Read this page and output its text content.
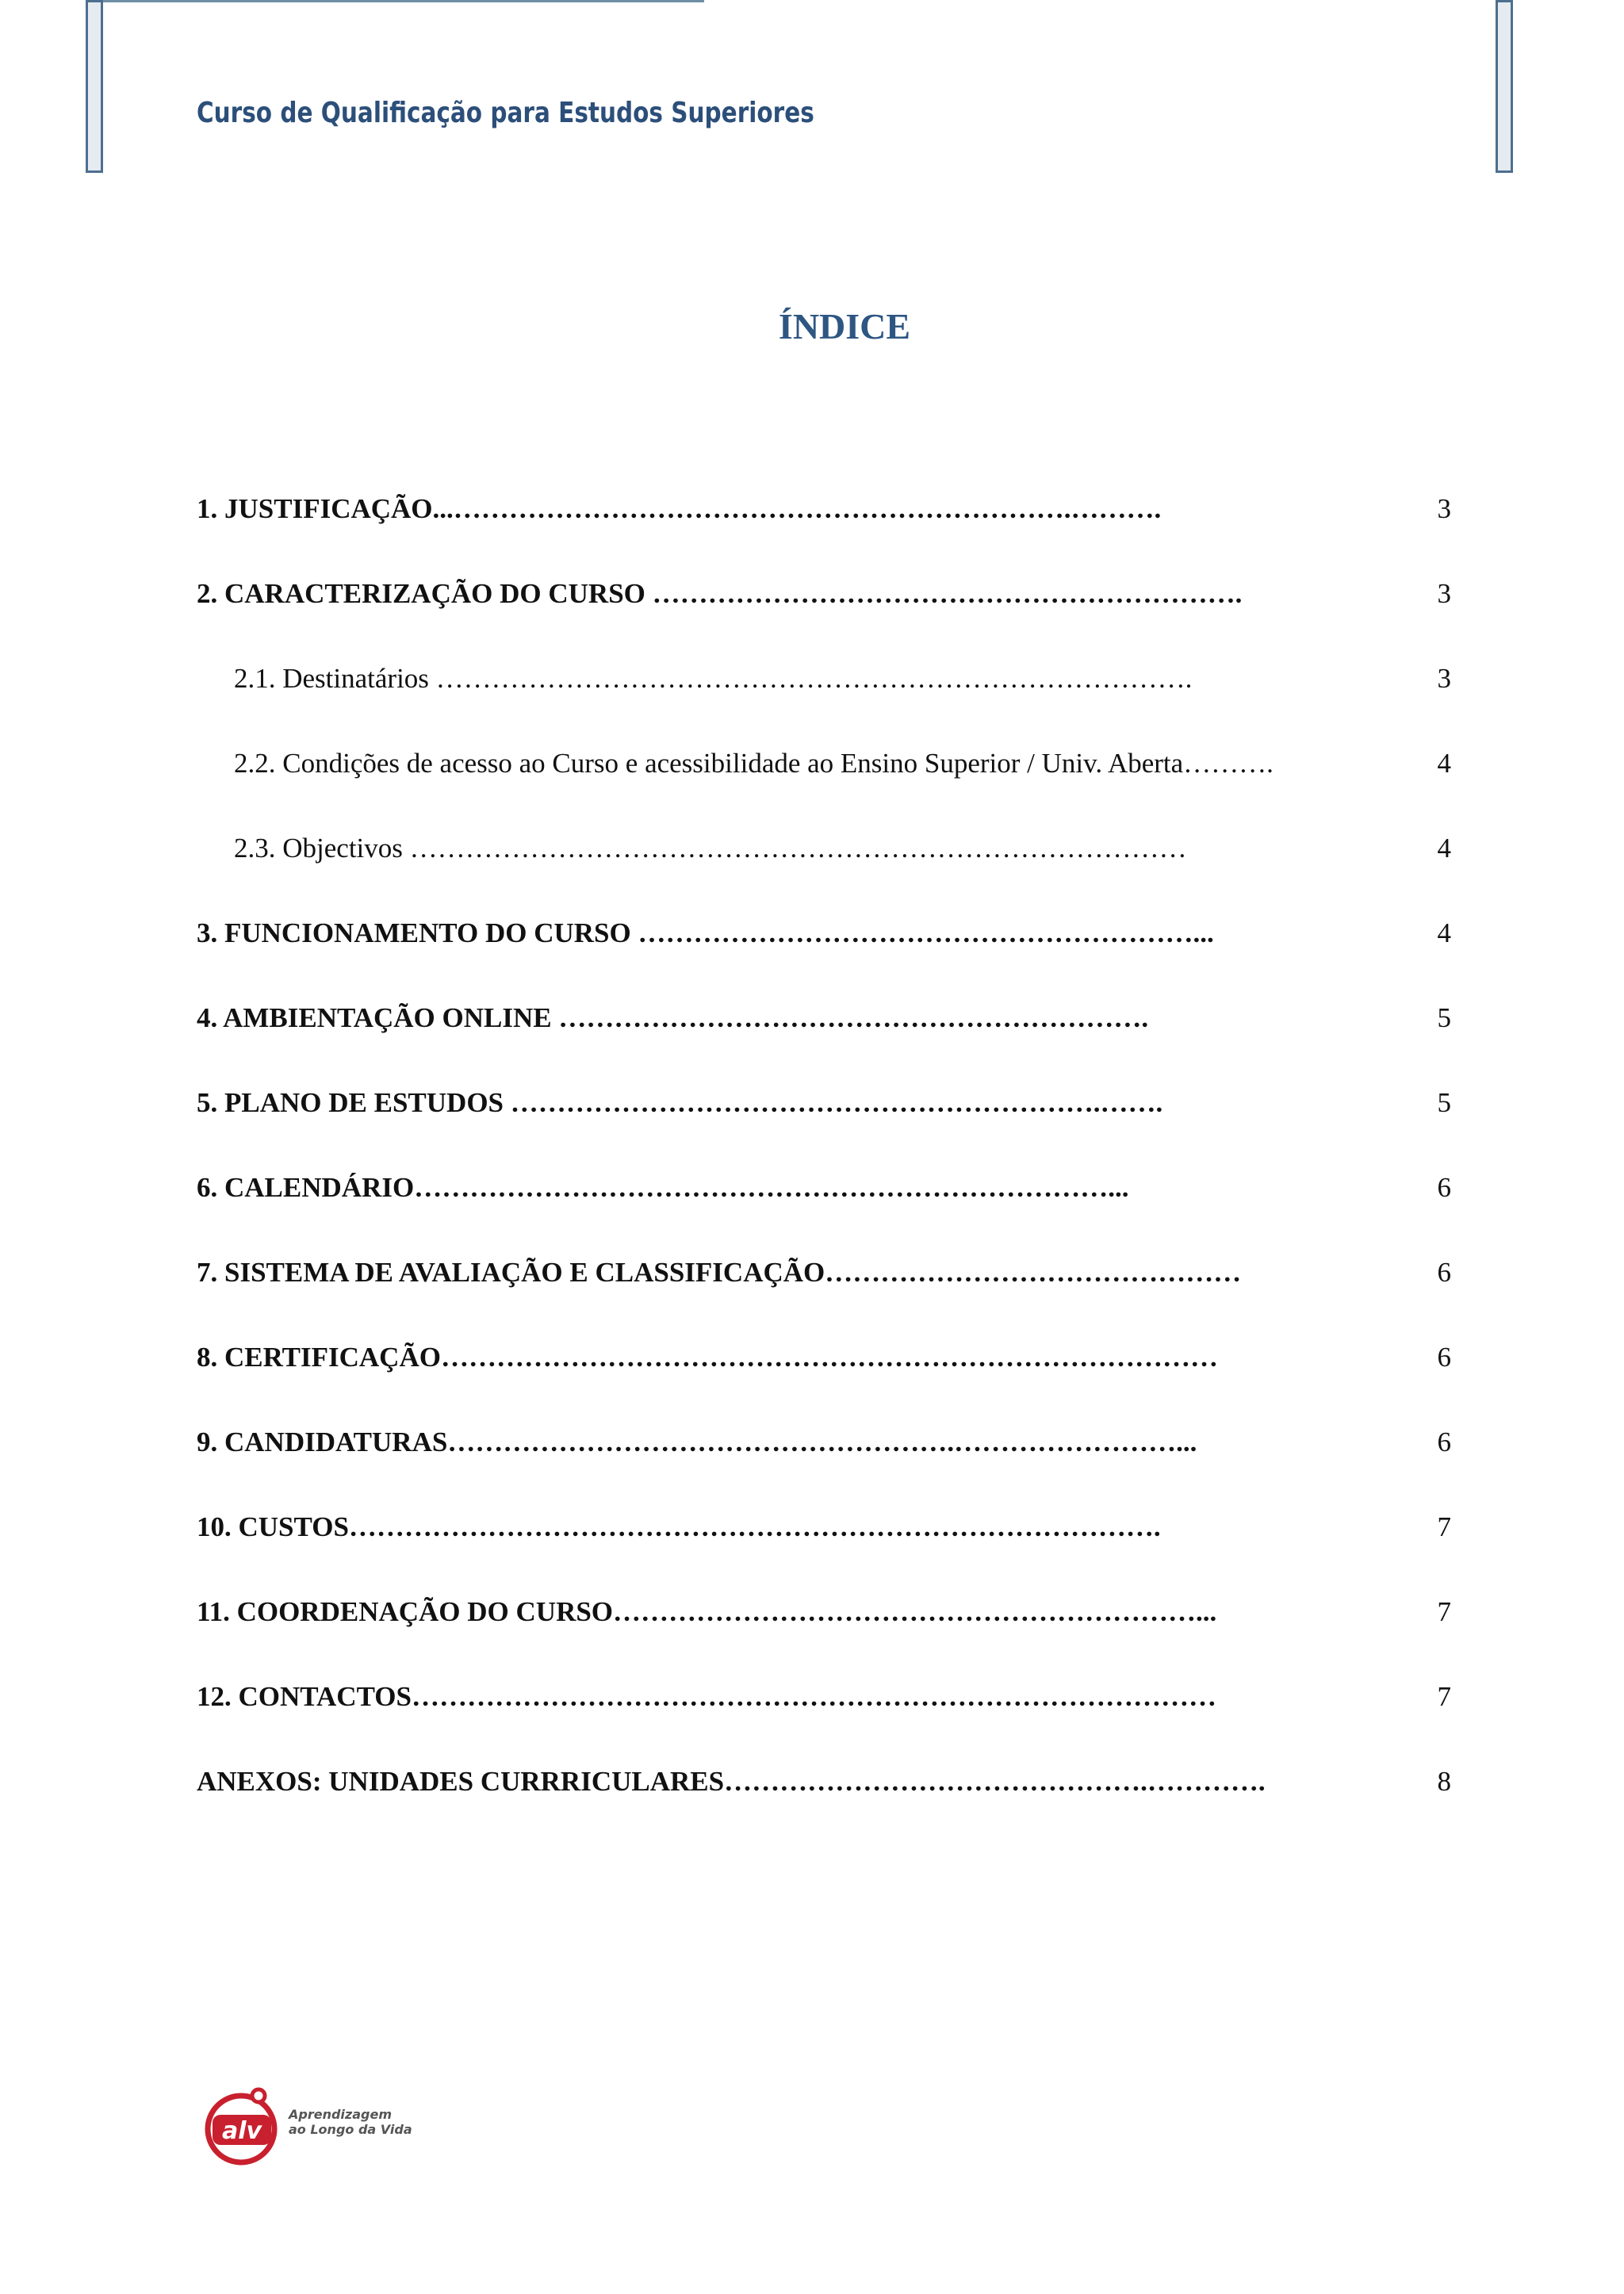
Curso de Qualificação para Estudos Superiores
ÍNDICE
1. JUSTIFICAÇÃO...………………………………………………………….……….	3
2. CARACTERIZAÇÃO DO CURSO ……………………………………………………….	3
2.1. Destinatários ……………………………………………………………………….	3
2.2. Condições de acesso ao Curso e acessibilidade ao Ensino Superior / Univ. Aberta……….	4
2.3. Objectivos …………………………………………………………………………	4
3. FUNCIONAMENTO DO CURSO ……………………………………………………...	4
4. AMBIENTAÇÃO ONLINE ……………………………………………………….	5
5. PLANO DE ESTUDOS ……………………………………………………….…….	5
6. CALENDÁRIO…………………………………………………………………...	6
7. SISTEMA DE AVALIAÇÃO E CLASSIFICAÇÃO………………………………………	6
8. CERTIFICAÇÃO…………………………………………………………………………	6
9. CANDIDATURAS……………………………………………….……………………...	6
10. CUSTOS…………………………………………………………………………….	7
11. COORDENAÇÃO DO CURSO………………………………………………………...	7
12. CONTACTOS……………………………………………………………………………	7
ANEXOS: UNIDADES CURRRICULARES……………………………………….………….	8
alv
Aprendizagem
ao Longo da Vida
